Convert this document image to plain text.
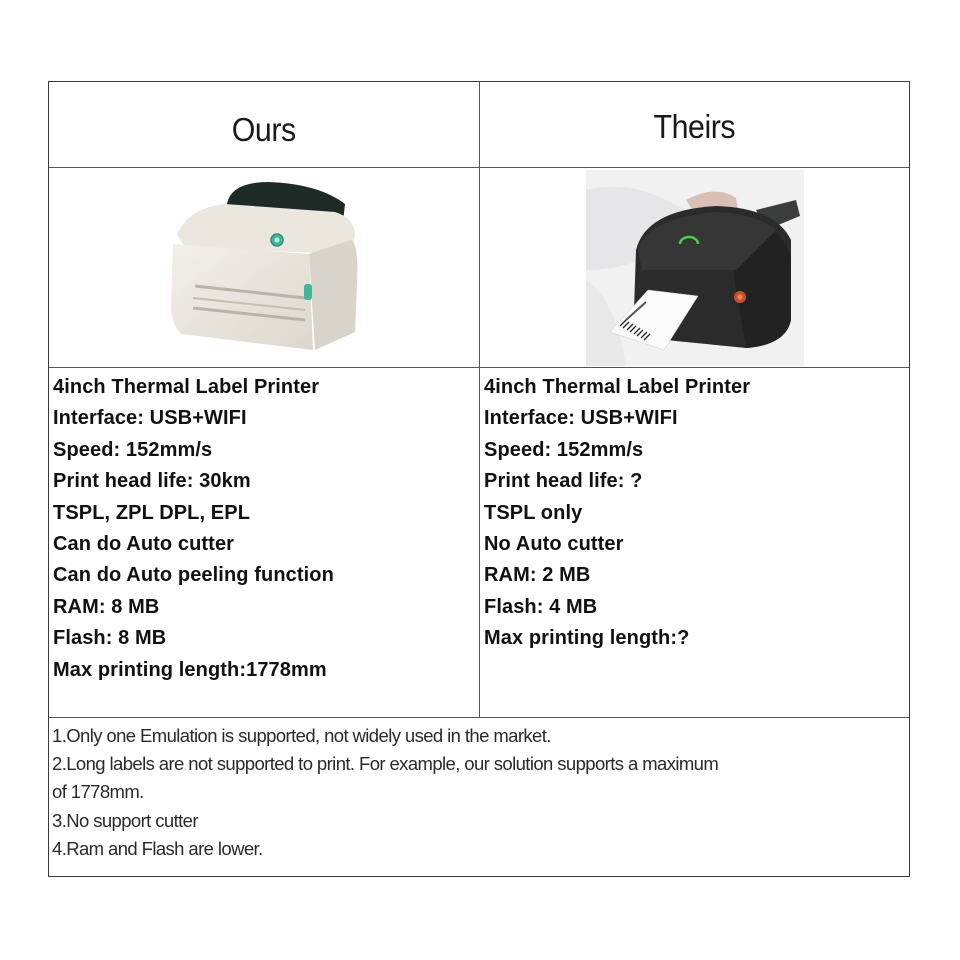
Ours	Theirs
4inch Thermal Label Printer
Interface: USB+WIFI
Speed: 152mm/s
Print head life: 30km
TSPL, ZPL DPL, EPL
Can do Auto cutter
Can do Auto peeling function
RAM: 8 MB
Flash: 8 MB
Max printing length:1778mm
4inch Thermal Label Printer
Interface: USB+WIFI
Speed: 152mm/s
Print head life: ?
TSPL only
No Auto cutter
RAM: 2 MB
Flash: 4 MB
Max printing length:?
1.Only one Emulation is supported, not widely used in the market.
2.Long labels are not supported to print. For example, our solution supports a maximum
of 1778mm.
3.No support cutter
4.Ram and Flash are lower.
